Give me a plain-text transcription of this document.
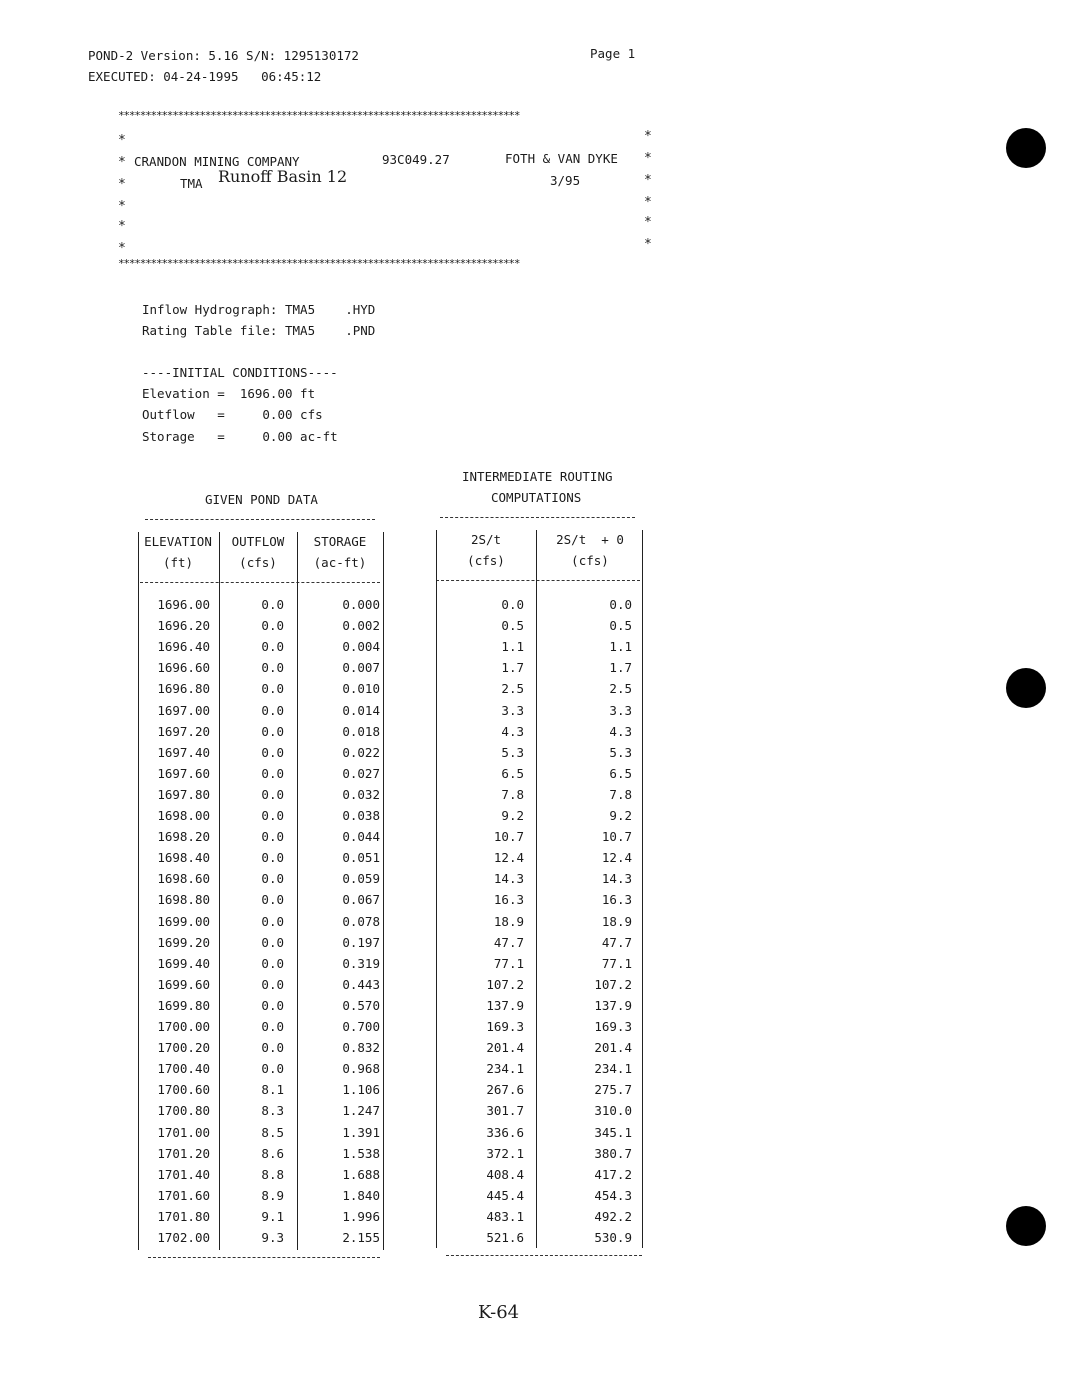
POND-2 Version: 5.16 S/N: 1295130172	Page 1
EXECUTED: 04-24-1995   06:45:12
**************************************************************************
**************************************************************************
*	*
*	*
*	*
*	*
*	*
*	*
CRANDON MINING COMPANY	93C049.27	FOTH & VAN DYKE
TMA Runoff Basin 12	3/95
Inflow Hydrograph: TMA5    .HYD
Rating Table file: TMA5    .PND
----INITIAL CONDITIONS----
Elevation =  1696.00 ft
Outflow   =     0.00 cfs
Storage   =     0.00 ac-ft
INTERMEDIATE ROUTING
COMPUTATIONS
GIVEN POND DATA
ELEVATION	OUTFLOW	STORAGE
(ft)	(cfs)	(ac-ft)
2S/t	2S/t  + 0
(cfs)	(cfs)
1696.00	0.0	0.000	0.0	0.0
1696.20	0.0	0.002	0.5	0.5
1696.40	0.0	0.004	1.1	1.1
1696.60	0.0	0.007	1.7	1.7
1696.80	0.0	0.010	2.5	2.5
1697.00	0.0	0.014	3.3	3.3
1697.20	0.0	0.018	4.3	4.3
1697.40	0.0	0.022	5.3	5.3
1697.60	0.0	0.027	6.5	6.5
1697.80	0.0	0.032	7.8	7.8
1698.00	0.0	0.038	9.2	9.2
1698.20	0.0	0.044	10.7	10.7
1698.40	0.0	0.051	12.4	12.4
1698.60	0.0	0.059	14.3	14.3
1698.80	0.0	0.067	16.3	16.3
1699.00	0.0	0.078	18.9	18.9
1699.20	0.0	0.197	47.7	47.7
1699.40	0.0	0.319	77.1	77.1
1699.60	0.0	0.443	107.2	107.2
1699.80	0.0	0.570	137.9	137.9
1700.00	0.0	0.700	169.3	169.3
1700.20	0.0	0.832	201.4	201.4
1700.40	0.0	0.968	234.1	234.1
1700.60	8.1	1.106	267.6	275.7
1700.80	8.3	1.247	301.7	310.0
1701.00	8.5	1.391	336.6	345.1
1701.20	8.6	1.538	372.1	380.7
1701.40	8.8	1.688	408.4	417.2
1701.60	8.9	1.840	445.4	454.3
1701.80	9.1	1.996	483.1	492.2
1702.00	9.3	2.155	521.6	530.9
K-64
